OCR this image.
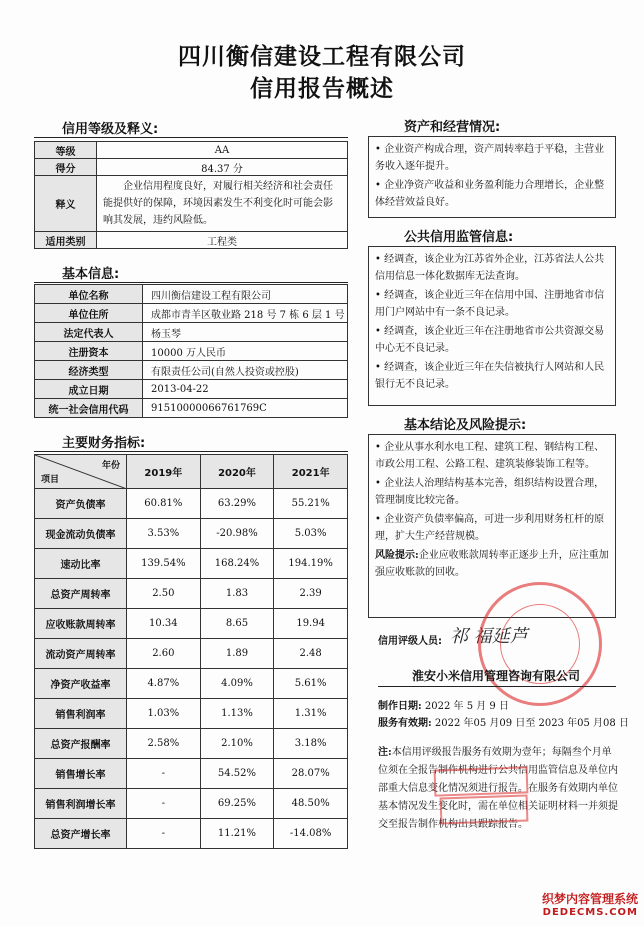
四川衡信建设工程有限公司
信用报告概述
信用等级及释义:
等级	AA
得分	84.37 分
释义	企业信用程度良好，对履行相关经济和社会责任能提供好的保障，环境因素发生不利变化时可能会影响其发展，违约风险低。
适用类别	工程类
基本信息:
单位名称	四川衡信建设工程有限公司
单位住所	成都市青羊区敬业路 218 号 7 栋 6 层 1 号
法定代表人	杨玉琴
注册资本	10000 万人民币
经济类型	有限责任公司(自然人投资或控股)
成立日期	2013-04-22
统一社会信用代码	91510000066761769C
主要财务指标:
年份
项目	2019年	2020年	2021年
资产负债率	60.81%	63.29%	55.21%
现金流动负债率	3.53%	-20.98%	5.03%
速动比率	139.54%	168.24%	194.19%
总资产周转率	2.50	1.83	2.39
应收账款周转率	10.34	8.65	19.94
流动资产周转率	2.60	1.89	2.48
净资产收益率	4.87%	4.09%	5.61%
销售利润率	1.03%	1.13%	1.31%
总资产报酬率	2.58%	2.10%	3.18%
销售增长率	-	54.52%	28.07%
销售利润增长率	-	69.25%	48.50%
总资产增长率	-	11.21%	-14.08%
资产和经营情况:

• 企业资产构成合理，资产周转率趋于平稳，主营业务收入逐年提升。

• 企业净资产收益和业务盈利能力合理增长，企业整体经营效益良好。

公共信用监管信息:

• 经调查，该企业为江苏省外企业，江苏省法人公共信用信息一体化数据库无法查询。

• 经调查，该企业近三年在信用中国、注册地省市信用门户网站中有一条不良记录。

• 经调查，该企业近三年在注册地省市公共资源交易中心无不良记录。

• 经调查，该企业近三年在失信被执行人网站和人民银行无不良记录。

基本结论及风险提示:

• 企业从事水利水电工程、建筑工程、钢结构工程、市政公用工程、公路工程、建筑装修装饰工程等。

• 企业法人治理结构基本完善，组织结构设置合理，管理制度比较完备。

• 企业资产负债率偏高，可进一步利用财务杠杆的原理，扩大生产经营规模。

风险提示:企业应收账款周转率正逐步上升，应注重加强应收账款的回收。

信用评级人员: 祁 福延芦
淮安小米信用管理咨询有限公司
制作日期: 2022 年 5 月 9 日
服务有效期: 2022 年05 月09 日至 2023 年05 月08 日
注:本信用评级报告服务有效期为壹年；每隔叁个月单位须在全报告制作机构进行公共信用监管信息及单位内部重大信息变化情况须进行报告。在服务有效期内单位基本情况发生变化时，需在单位相关证明材料一并须提交至报告制作机构出具跟踪报告。

织梦内容管理系统
DEDECMS.COM
